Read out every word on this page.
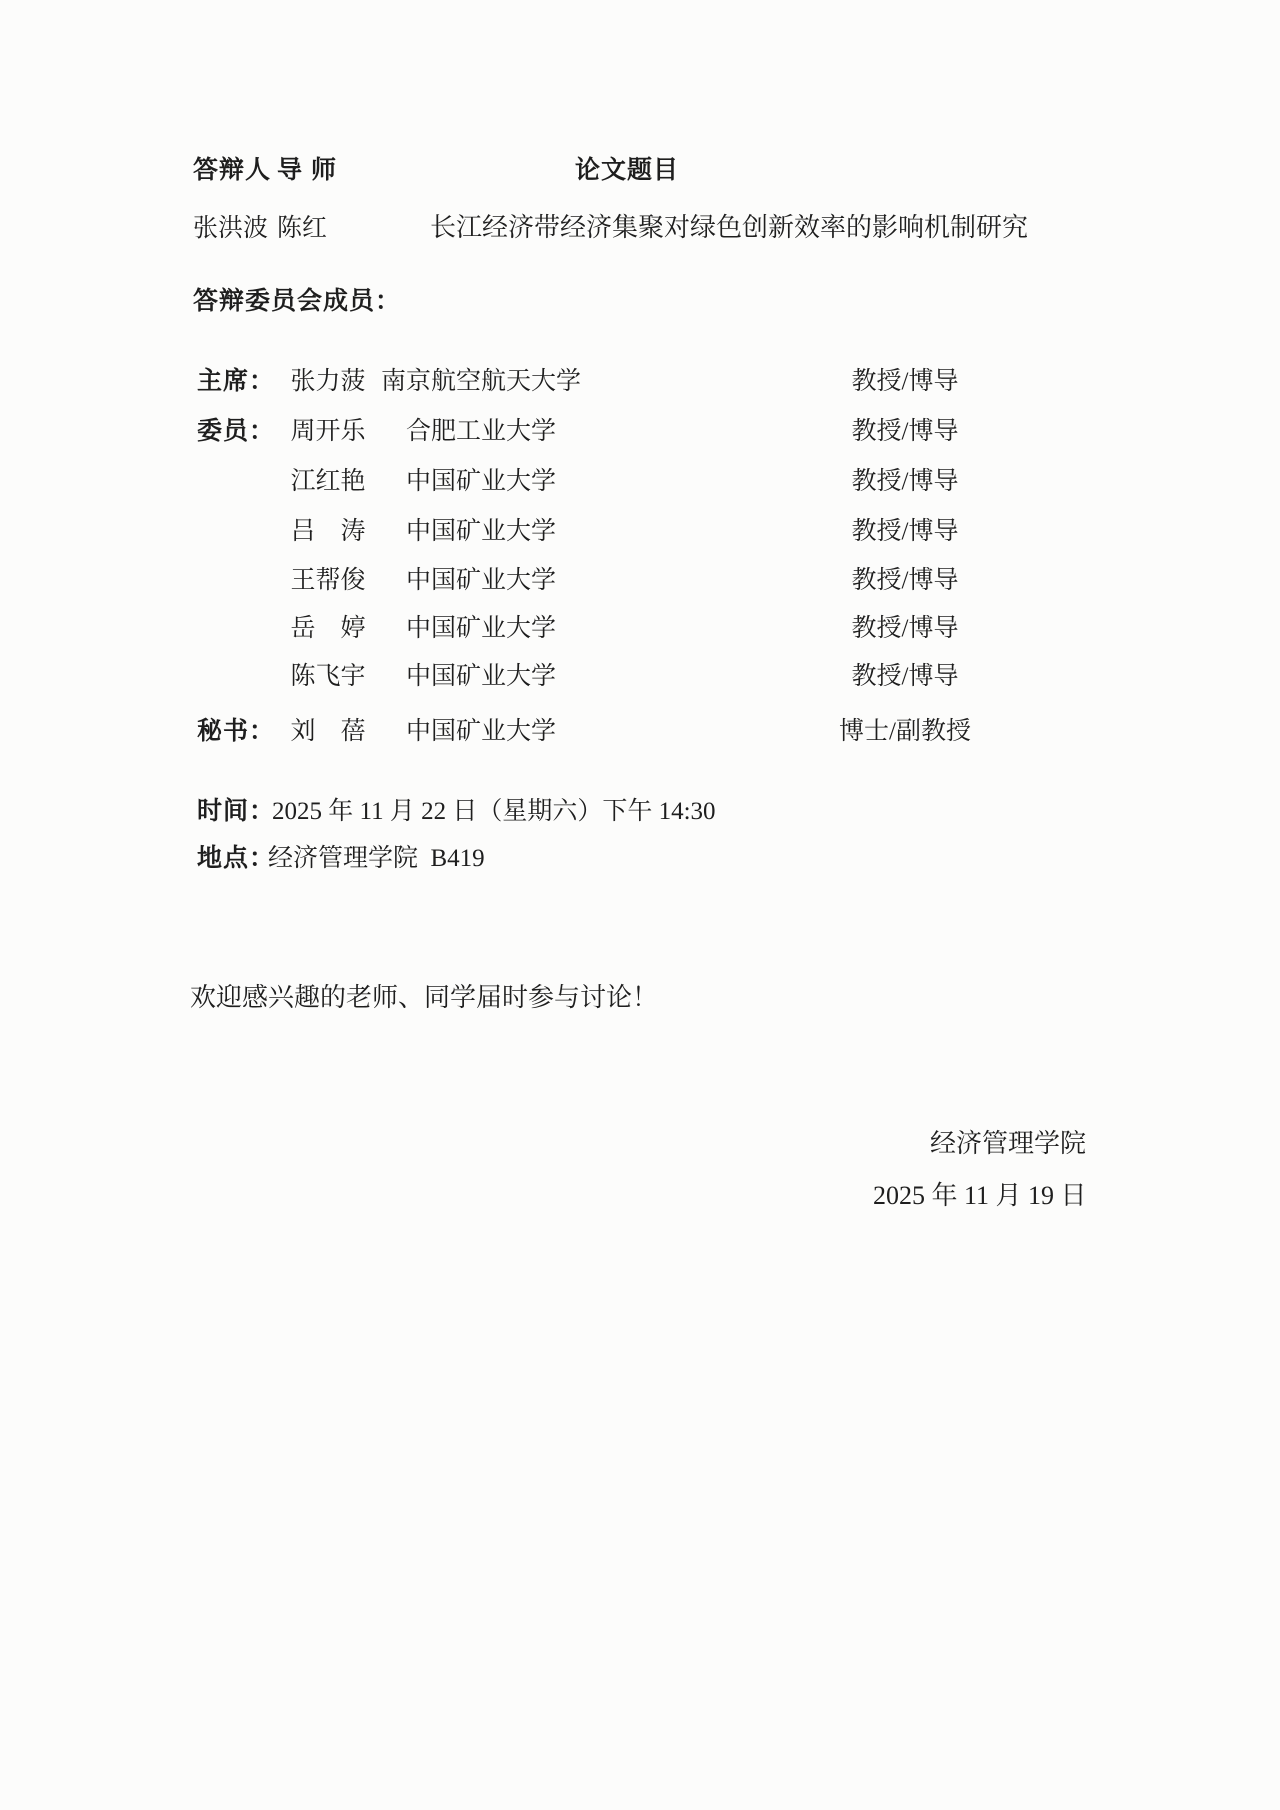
答辩人 导 师	论文题目
张洪波 陈红	长江经济带经济集聚对绿色创新效率的影响机制研究
答辩委员会成员：
主席： 张力菠 南京航空航天大学	教授/博导
委员： 周开乐	合肥工业大学	教授/博导
江红艳	中国矿业大学	教授/博导
吕　涛	中国矿业大学	教授/博导
王帮俊	中国矿业大学	教授/博导
岳　婷	中国矿业大学	教授/博导
陈飞宇	中国矿业大学	教授/博导
秘书： 刘　蓓	中国矿业大学	博士/副教授
时间：
2025 年 11 月 22 日（星期六）下午 14:30
地点：
经济管理学院  B419
欢迎感兴趣的老师、同学届时参与讨论！
经济管理学院
2025 年 11 月 19 日
